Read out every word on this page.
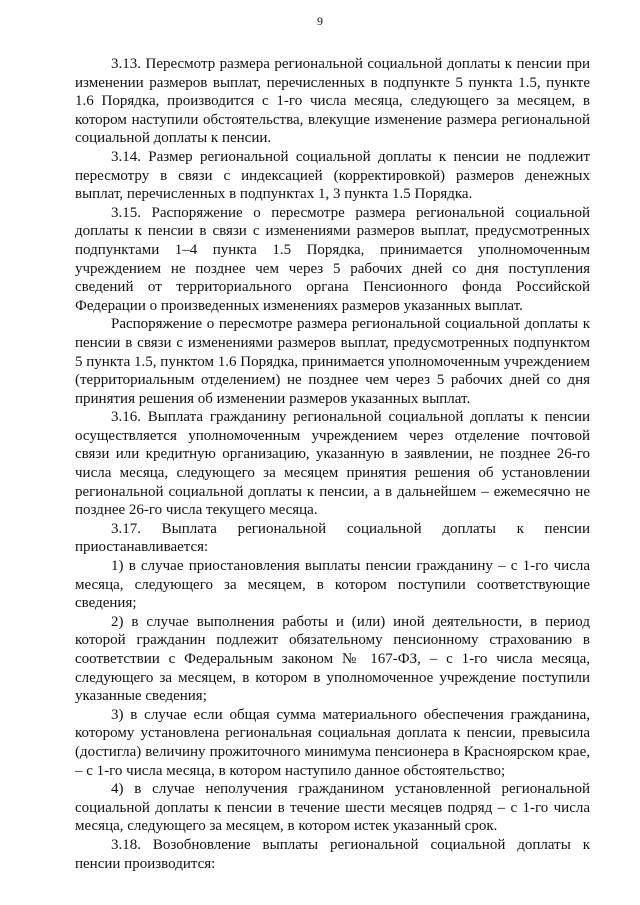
9

3.13. Пересмотр размера региональной социальной доплаты к пенсии при изменении размеров выплат, перечисленных в подпункте 5 пункта 1.5, пункте 1.6 Порядка, производится с 1-го числа месяца, следующего за месяцем, в котором наступили обстоятельства, влекущие изменение размера региональной социальной доплаты к пенсии.

3.14. Размер региональной социальной доплаты к пенсии не подлежит пересмотру в связи с индексацией (корректировкой) размеров денежных выплат, перечисленных в подпунктах 1, 3 пункта 1.5 Порядка.

3.15. Распоряжение о пересмотре размера региональной социальной доплаты к пенсии в связи с изменениями размеров выплат, предусмотренных подпунктами 1–4 пункта 1.5 Порядка, принимается уполномоченным учреждением не позднее чем через 5 рабочих дней со дня поступления сведений от территориального органа Пенсионного фонда Российской Федерации о произведенных изменениях размеров указанных выплат.

Распоряжение о пересмотре размера региональной социальной доплаты к пенсии в связи с изменениями размеров выплат, предусмотренных подпунктом 5 пункта 1.5, пунктом 1.6 Порядка, принимается уполномоченным учреждением (территориальным отделением) не позднее чем через 5 рабочих дней со дня принятия решения об изменении размеров указанных выплат.

3.16. Выплата гражданину региональной социальной доплаты к пенсии осуществляется уполномоченным учреждением через отделение почтовой связи или кредитную организацию, указанную в заявлении, не позднее 26-го числа месяца, следующего за месяцем принятия решения об установлении региональной социальной доплаты к пенсии, а в дальнейшем – ежемесячно не позднее 26-го числа текущего месяца.

3.17. Выплата региональной социальной доплаты к пенсии приостанавливается:

1) в случае приостановления выплаты пенсии гражданину – с 1-го числа месяца, следующего за месяцем, в котором поступили соответствующие сведения;

2) в случае выполнения работы и (или) иной деятельности, в период которой гражданин подлежит обязательному пенсионному страхованию в соответствии с Федеральным законом № 167-ФЗ, – с 1-го числа месяца, следующего за месяцем, в котором в уполномоченное учреждение поступили указанные сведения;

3) в случае если общая сумма материального обеспечения гражданина, которому установлена региональная социальная доплата к пенсии, превысила (достигла) величину прожиточного минимума пенсионера в Красноярском крае, – с 1-го числа месяца, в котором наступило данное обстоятельство;

4) в случае неполучения гражданином установленной региональной социальной доплаты к пенсии в течение шести месяцев подряд – с 1-го числа месяца, следующего за месяцем, в котором истек указанный срок.

3.18. Возобновление выплаты региональной социальной доплаты к пенсии производится:
